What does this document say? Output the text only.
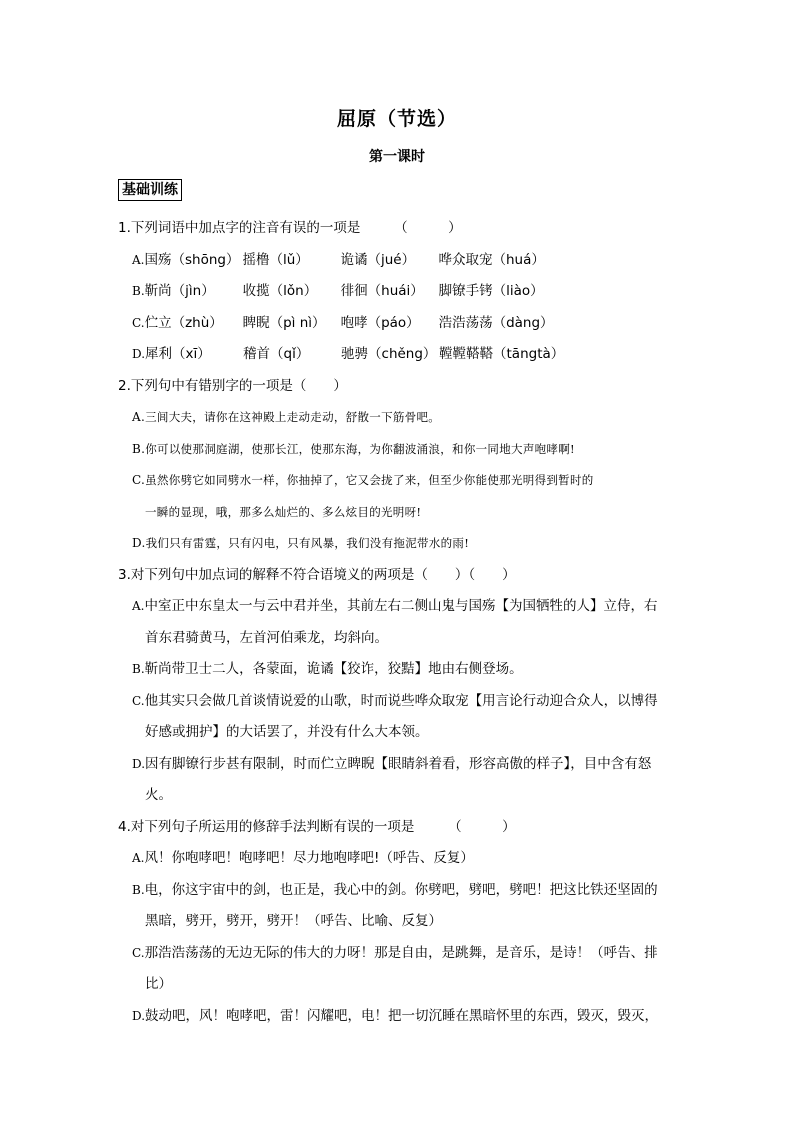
屈原（节选）
第一课时
基础训练
1.下列词语中加点字的注音有误的一项是　　　（　　　）
A.国殇（shōng） 摇橹（lǔ） 诡谲（jué） 哗众取宠（huá）
B.靳尚（jìn） 收揽（lǒn） 徘徊（huái） 脚镣手铐（liào）
C.伫立（zhù） 睥睨（pì nì） 咆哮（páo） 浩浩荡荡（dàng）
D.犀利（xī） 稽首（qǐ） 驰骋（chěng） 鞺鞺鞳鞳（tāngtà）
2.下列句中有错别字的一项是（　　）
A.三闾大夫，请你在这神殿上走动走动，舒散一下筋骨吧。
B.你可以使那洞庭湖，使那长江，使那东海，为你翻波涌浪，和你一同地大声咆哮啊!
C.虽然你劈它如同劈水一样，你抽掉了，它又会拢了来，但至少你能使那光明得到暂时的
一瞬的显现，哦，那多么灿烂的、多么炫目的光明呀!
D.我们只有雷霆，只有闪电，只有风暴，我们没有拖泥带水的雨!
3.对下列句中加点词的解释不符合语境义的两项是（　　）（　　）
A.中室正中东皇太一与云中君并坐，其前左右二侧山鬼与国殇【为国牺牲的人】立侍，右
首东君骑黄马，左首河伯乘龙，均斜向。
B.靳尚带卫士二人，各蒙面，诡谲【狡诈，狡黠】地由右侧登场。
C.他其实只会做几首谈情说爱的山歌，时而说些哗众取宠【用言论行动迎合众人，以博得
好感或拥护】的大话罢了，并没有什么大本领。
D.因有脚镣行步甚有限制，时而伫立睥睨【眼睛斜着看，形容高傲的样子】，目中含有怒
火。
4.对下列句子所运用的修辞手法判断有误的一项是　　　（　　　）
A.风！你咆哮吧！咆哮吧！尽力地咆哮吧!（呼告、反复）
B.电，你这宇宙中的剑，也正是，我心中的剑。你劈吧，劈吧，劈吧！把这比铁还坚固的
黑暗，劈开，劈开，劈开！（呼告、比喻、反复）
C.那浩浩荡荡的无边无际的伟大的力呀！那是自由，是跳舞，是音乐，是诗！（呼告、排
比）
D.鼓动吧，风！咆哮吧，雷！闪耀吧，电！把一切沉睡在黑暗怀里的东西，毁灭，毁灭，
